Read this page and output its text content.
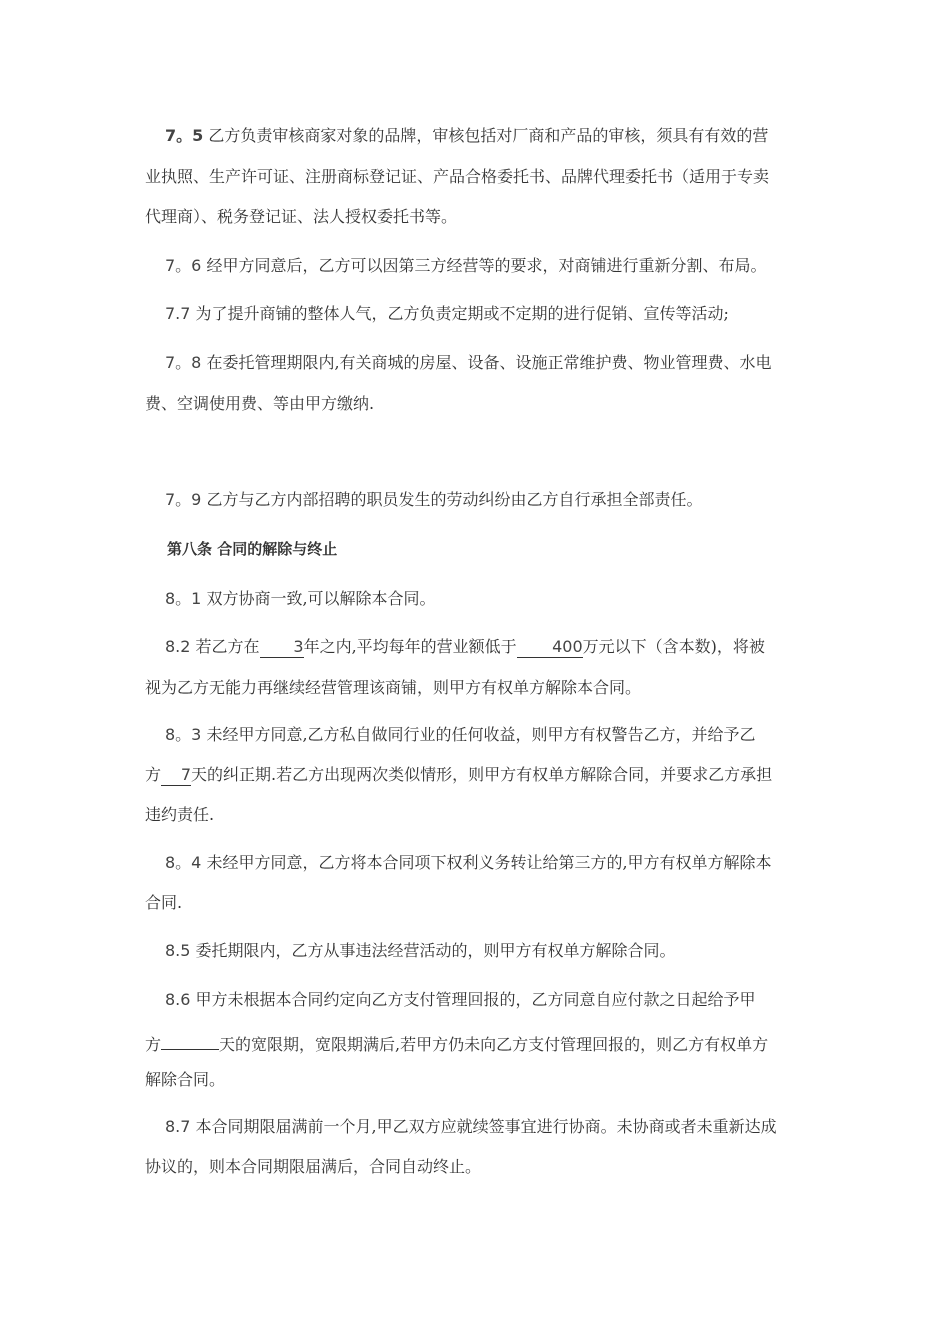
7。5 乙方负责审核商家对象的品牌，审核包括对厂商和产品的审核，须具有有效的营
业执照、生产许可证、注册商标登记证、产品合格委托书、品牌代理委托书（适用于专卖
代理商）、税务登记证、法人授权委托书等。
7。6 经甲方同意后，乙方可以因第三方经营等的要求，对商铺进行重新分割、布局。
7.7 为了提升商铺的整体人气，乙方负责定期或不定期的进行促销、宣传等活动;
7。8 在委托管理期限内,有关商城的房屋、设备、设施正常维护费、物业管理费、水电
费、空调使用费、等由甲方缴纳.
7。9 乙方与乙方内部招聘的职员发生的劳动纠纷由乙方自行承担全部责任。
第八条 合同的解除与终止
8。1 双方协商一致,可以解除本合同。
8.2 若乙方在 3年之内,平均每年的营业额低于 400万元以下（含本数)，将被
视为乙方无能力再继续经营管理该商铺，则甲方有权单方解除本合同。
8。3 未经甲方同意,乙方私自做同行业的任何收益，则甲方有权警告乙方，并给予乙
方 7天的纠正期.若乙方出现两次类似情形，则甲方有权单方解除合同，并要求乙方承担
违约责任.
8。4 未经甲方同意，乙方将本合同项下权利义务转让给第三方的,甲方有权单方解除本
合同.
8.5 委托期限内，乙方从事违法经营活动的，则甲方有权单方解除合同。
8.6 甲方未根据本合同约定向乙方支付管理回报的，乙方同意自应付款之日起给予甲
方	天的宽限期，宽限期满后,若甲方仍未向乙方支付管理回报的，则乙方有权单方
解除合同。
8.7 本合同期限届满前一个月,甲乙双方应就续签事宜进行协商。未协商或者未重新达成
协议的，则本合同期限届满后，合同自动终止。
